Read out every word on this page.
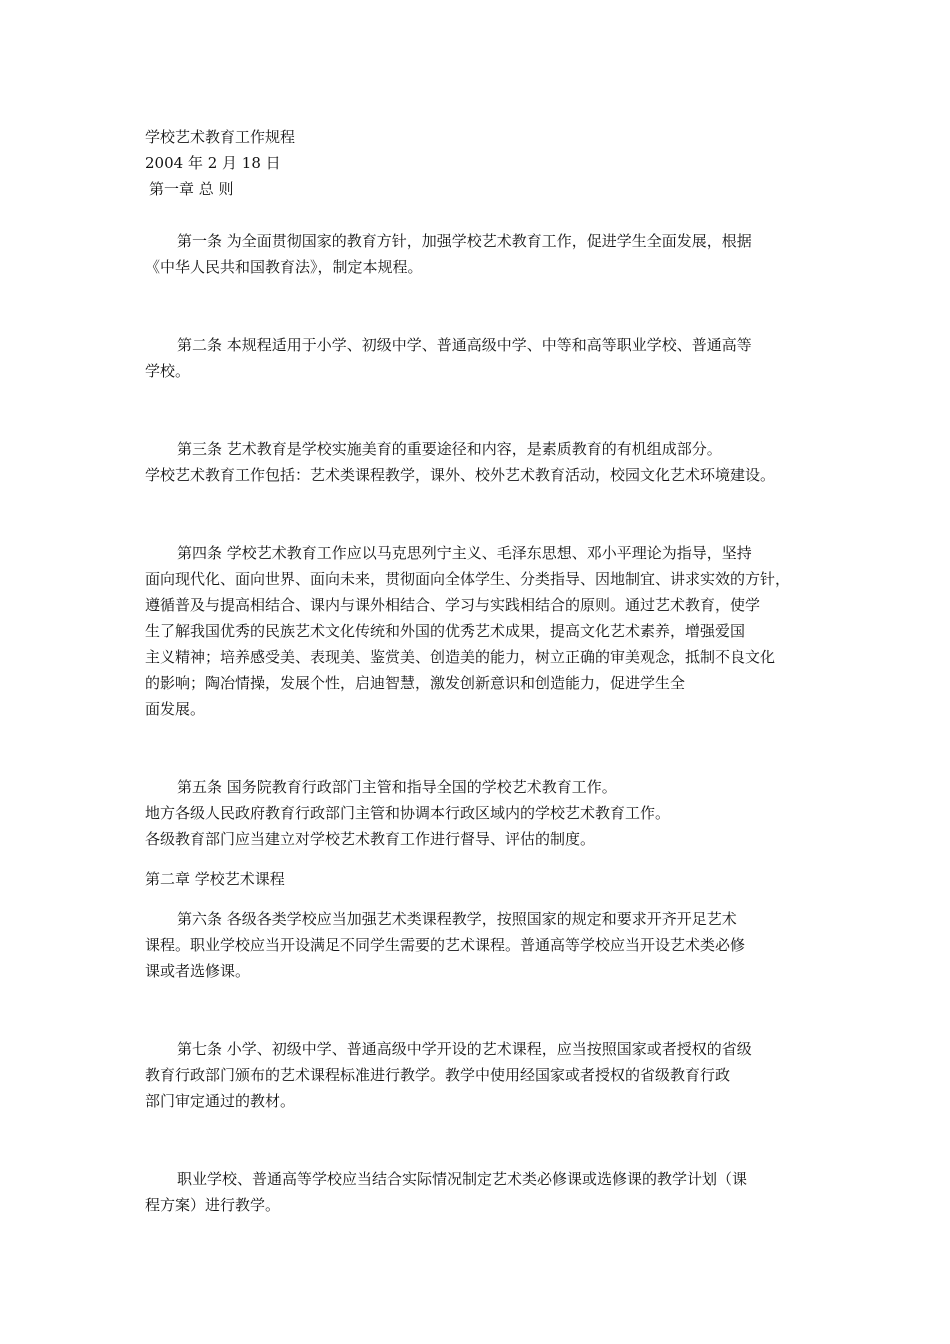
学校艺术教育工作规程
2004 年 2 月 18 日
第一章 总 则
第一条 为全面贯彻国家的教育方针，加强学校艺术教育工作，促进学生全面发展，根据
《中华人民共和国教育法》，制定本规程。
第二条 本规程适用于小学、初级中学、普通高级中学、中等和高等职业学校、普通高等
学校。
第三条 艺术教育是学校实施美育的重要途径和内容，是素质教育的有机组成部分。
学校艺术教育工作包括：艺术类课程教学，课外、校外艺术教育活动，校园文化艺术环境建设。
第四条 学校艺术教育工作应以马克思列宁主义、毛泽东思想、邓小平理论为指导，坚持
面向现代化、面向世界、面向未来，贯彻面向全体学生、分类指导、因地制宜、讲求实效的方针，
遵循普及与提高相结合、课内与课外相结合、学习与实践相结合的原则。通过艺术教育，使学
生了解我国优秀的民族艺术文化传统和外国的优秀艺术成果，提高文化艺术素养，增强爱国
主义精神；培养感受美、表现美、鉴赏美、创造美的能力，树立正确的审美观念，抵制不良文化
的影响；陶冶情操，发展个性，启迪智慧，激发创新意识和创造能力，促进学生全
面发展。
第五条 国务院教育行政部门主管和指导全国的学校艺术教育工作。
地方各级人民政府教育行政部门主管和协调本行政区域内的学校艺术教育工作。
各级教育部门应当建立对学校艺术教育工作进行督导、评估的制度。
第二章 学校艺术课程
第六条 各级各类学校应当加强艺术类课程教学，按照国家的规定和要求开齐开足艺术
课程。职业学校应当开设满足不同学生需要的艺术课程。普通高等学校应当开设艺术类必修
课或者选修课。
第七条 小学、初级中学、普通高级中学开设的艺术课程，应当按照国家或者授权的省级
教育行政部门颁布的艺术课程标准进行教学。教学中使用经国家或者授权的省级教育行政
部门审定通过的教材。
职业学校、普通高等学校应当结合实际情况制定艺术类必修课或选修课的教学计划（课
程方案）进行教学。
